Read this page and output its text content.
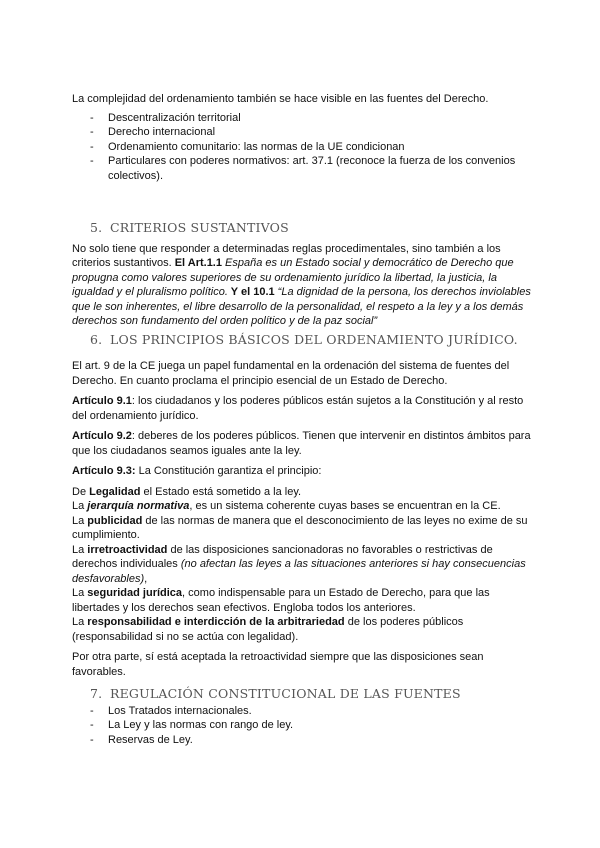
La complejidad del ordenamiento también se hace visible en las fuentes del Derecho.

- Descentralización territorial
- Derecho internacional
- Ordenamiento comunitario: las normas de la UE condicionan
- Particulares con poderes normativos: art. 37.1 (reconoce la fuerza de los convenios colectivos).
5. CRITERIOS SUSTANTIVOS

No solo tiene que responder a determinadas reglas procedimentales, sino también a los criterios sustantivos. El Art.1.1 España es un Estado social y democrático de Derecho que propugna como valores superiores de su ordenamiento jurídico la libertad, la justicia, la igualdad y el pluralismo político. Y el 10.1 “La dignidad de la persona, los derechos inviolables que le son inherentes, el libre desarrollo de la personalidad, el respeto a la ley y a los demás derechos son fundamento del orden político y de la paz social”

6. LOS PRINCIPIOS BÁSICOS DEL ORDENAMIENTO JURÍDICO.

El art. 9 de la CE juega un papel fundamental en la ordenación del sistema de fuentes del Derecho. En cuanto proclama el principio esencial de un Estado de Derecho.

Artículo 9.1: los ciudadanos y los poderes públicos están sujetos a la Constitución y al resto del ordenamiento jurídico.

Artículo 9.2: deberes de los poderes públicos. Tienen que intervenir en distintos ámbitos para que los ciudadanos seamos iguales ante la ley.

Artículo 9.3: La Constitución garantiza el principio:

De Legalidad el Estado está sometido a la ley.

La jerarquía normativa, es un sistema coherente cuyas bases se encuentran en la CE.

La publicidad de las normas de manera que el desconocimiento de las leyes no exime de su cumplimiento.

La irretroactividad de las disposiciones sancionadoras no favorables o restrictivas de derechos individuales (no afectan las leyes a las situaciones anteriores si hay consecuencias desfavorables),

La seguridad jurídica, como indispensable para un Estado de Derecho, para que las libertades y los derechos sean efectivos. Engloba todos los anteriores.

La responsabilidad e interdicción de la arbitrariedad de los poderes públicos (responsabilidad si no se actúa con legalidad).

Por otra parte, sí está aceptada la retroactividad siempre que las disposiciones sean favorables.

7. REGULACIÓN CONSTITUCIONAL DE LAS FUENTES
- Los Tratados internacionales.
- La Ley y las normas con rango de ley.
- Reservas de Ley.
